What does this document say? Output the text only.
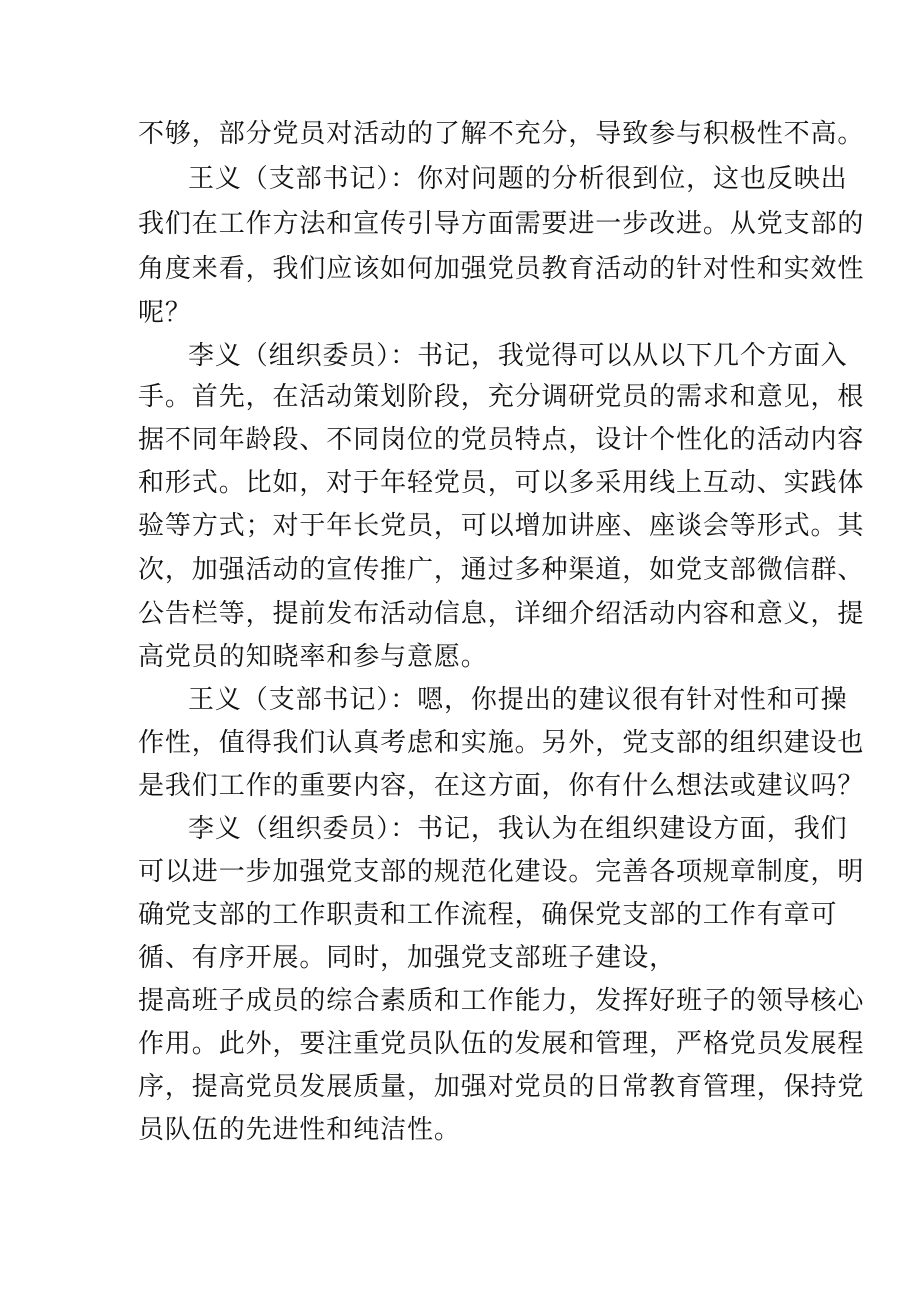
不够，部分党员对活动的了解不充分，导致参与积极性不高。
王义（支部书记）：你对问题的分析很到位，这也反映出
我们在工作方法和宣传引导方面需要进一步改进。从党支部的
角度来看，我们应该如何加强党员教育活动的针对性和实效性
呢？
李义（组织委员）：书记，我觉得可以从以下几个方面入
手。首先，在活动策划阶段，充分调研党员的需求和意见，根
据不同年龄段、不同岗位的党员特点，设计个性化的活动内容
和形式。比如，对于年轻党员，可以多采用线上互动、实践体
验等方式；对于年长党员，可以增加讲座、座谈会等形式。其
次，加强活动的宣传推广，通过多种渠道，如党支部微信群、
公告栏等，提前发布活动信息，详细介绍活动内容和意义，提
高党员的知晓率和参与意愿。
王义（支部书记）：嗯，你提出的建议很有针对性和可操
作性，值得我们认真考虑和实施。另外，党支部的组织建设也
是我们工作的重要内容，在这方面，你有什么想法或建议吗？
李义（组织委员）：书记，我认为在组织建设方面，我们
可以进一步加强党支部的规范化建设。完善各项规章制度，明
确党支部的工作职责和工作流程，确保党支部的工作有章可
循、有序开展。同时，加强党支部班子建设，
提高班子成员的综合素质和工作能力，发挥好班子的领导核心
作用。此外，要注重党员队伍的发展和管理，严格党员发展程
序，提高党员发展质量，加强对党员的日常教育管理，保持党
员队伍的先进性和纯洁性。
